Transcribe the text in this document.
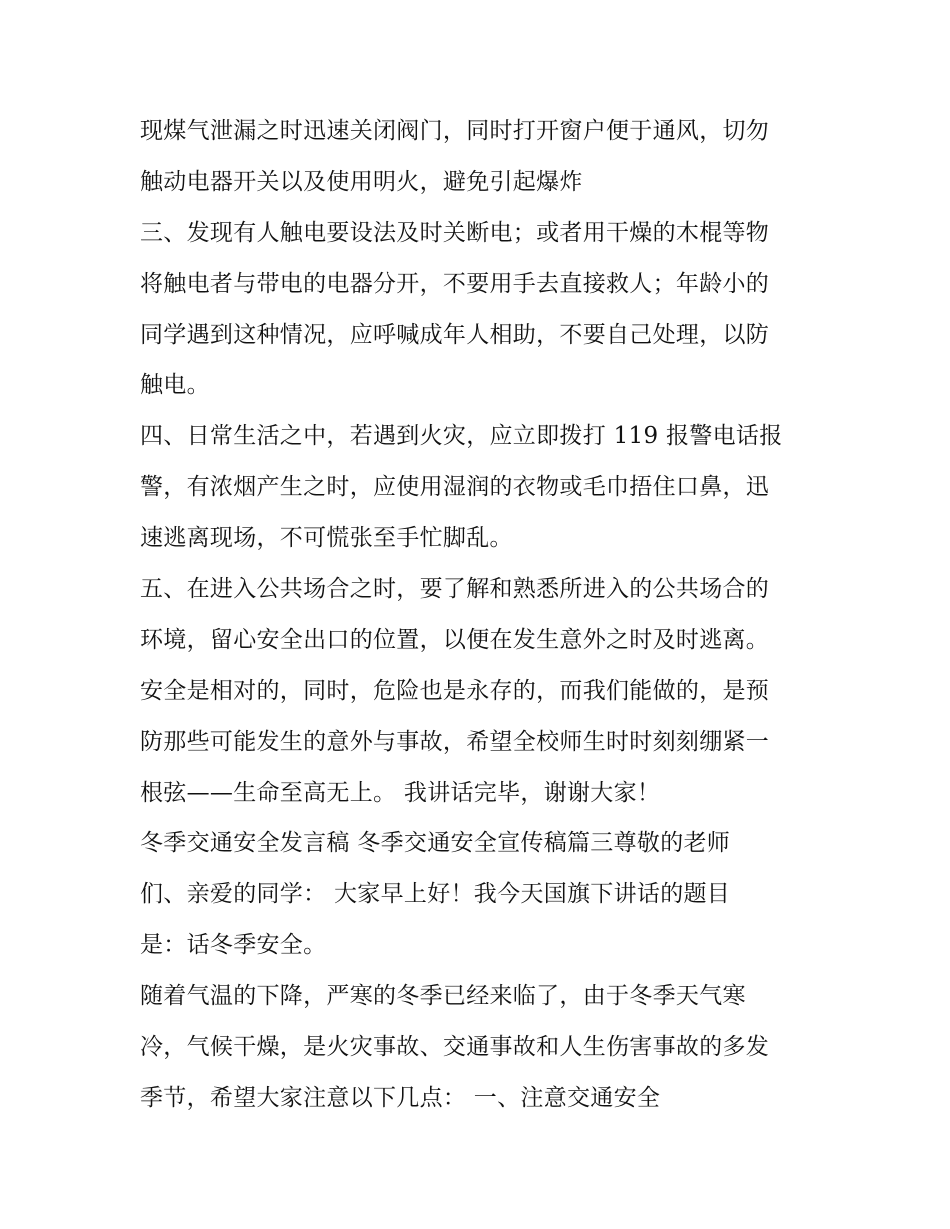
现煤气泄漏之时迅速关闭阀门，同时打开窗户便于通风，切勿
触动电器开关以及使用明火，避免引起爆炸
三、发现有人触电要设法及时关断电；或者用干燥的木棍等物
将触电者与带电的电器分开，不要用手去直接救人；年龄小的
同学遇到这种情况，应呼喊成年人相助，不要自己处理，以防
触电。
四、日常生活之中，若遇到火灾，应立即拨打 119 报警电话报
警，有浓烟产生之时，应使用湿润的衣物或毛巾捂住口鼻，迅
速逃离现场，不可慌张至手忙脚乱。
五、在进入公共场合之时，要了解和熟悉所进入的公共场合的
环境，留心安全出口的位置，以便在发生意外之时及时逃离。
安全是相对的，同时，危险也是永存的，而我们能做的，是预
防那些可能发生的意外与事故，希望全校师生时时刻刻绷紧一
根弦——生命至高无上。 我讲话完毕，谢谢大家！
冬季交通安全发言稿 冬季交通安全宣传稿篇三尊敬的老师
们、亲爱的同学： 大家早上好！我今天国旗下讲话的题目
是：话冬季安全。
随着气温的下降，严寒的冬季已经来临了，由于冬季天气寒
冷，气候干燥，是火灾事故、交通事故和人生伤害事故的多发
季节，希望大家注意以下几点： 一、注意交通安全
